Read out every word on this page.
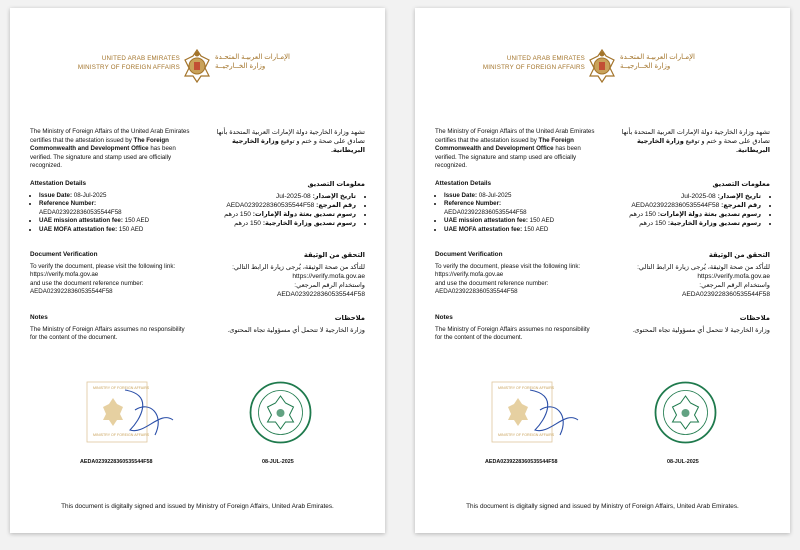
UNITED ARAB EMIRATES
MINISTRY OF FOREIGN AFFAIRS
الإمـارات العربيـة المتحـدة
وزارة الخــارجيــة
The Ministry of Foreign Affairs of the United Arab Emirates certifies that the attestation issued by The Foreign Commonwealth and Development Office has been verified. The signature and stamp used are officially recognized.
تشهد وزارة الخارجية دولة الإمارات العربية المتحدة بأنها تصادق على صحة و ختم و توقيع وزارة الخارجية البريطانية.
Attestation Details
• Issue Date: 08-Jul-2025
• Reference Number:
AEDA0239228360535544F58
• UAE mission attestation fee: 150 AED
• UAE MOFA attestation fee: 150 AED
معلومات التصديق
• تاريخ الإصدار: 08-Jul-2025
• رقم المرجع: AEDA0239228360535544F58
• رسوم تصديق بعثة دولة الإمارات: 150 درهم
• رسوم تصديق وزارة الخارجية: 150 درهم
Document Verification
To verify the document, please visit the following link: https://verify.mofa.gov.ae
and use the document reference number:
AEDA0239228360535544F58
التحقق من الوثيقة
للتأكد من صحة الوثيقة، يُرجى زيارة الرابط التالي:
https://verify.mofa.gov.ae
واستخدام الرقم المرجعي: AEDA0239228360535544F58
Notes
The Ministry of Foreign Affairs assumes no responsibility for the content of the document.
ملاحظات
وزارة الخارجية لا تتحمل أي مسؤولية تجاه المحتوى.
MINISTRY OF FOREIGN AFFAIRS
MINISTRY OF FOREIGN AFFAIRS
AEDA0239228360535544F58	08-JUL-2025
This document is digitally signed and issued by Ministry of Foreign Affairs, United Arab Emirates.
UNITED ARAB EMIRATES
MINISTRY OF FOREIGN AFFAIRS
الإمـارات العربيـة المتحـدة
وزارة الخــارجيــة
The Ministry of Foreign Affairs of the United Arab Emirates certifies that the attestation issued by The Foreign Commonwealth and Development Office has been verified. The signature and stamp used are officially recognized.
تشهد وزارة الخارجية دولة الإمارات العربية المتحدة بأنها تصادق على صحة و ختم و توقيع وزارة الخارجية البريطانية.
Attestation Details
• Issue Date: 08-Jul-2025
• Reference Number:
AEDA0239228360535544F58
• UAE mission attestation fee: 150 AED
• UAE MOFA attestation fee: 150 AED
معلومات التصديق
• تاريخ الإصدار: 08-Jul-2025
• رقم المرجع: AEDA0239228360535544F58
• رسوم تصديق بعثة دولة الإمارات: 150 درهم
• رسوم تصديق وزارة الخارجية: 150 درهم
Document Verification
To verify the document, please visit the following link: https://verify.mofa.gov.ae
and use the document reference number:
AEDA0239228360535544F58
التحقق من الوثيقة
للتأكد من صحة الوثيقة، يُرجى زيارة الرابط التالي:
https://verify.mofa.gov.ae
واستخدام الرقم المرجعي: AEDA0239228360535544F58
Notes
The Ministry of Foreign Affairs assumes no responsibility for the content of the document.
ملاحظات
وزارة الخارجية لا تتحمل أي مسؤولية تجاه المحتوى.
MINISTRY OF FOREIGN AFFAIRS
MINISTRY OF FOREIGN AFFAIRS
AEDA0239228360535544F58	08-JUL-2025
This document is digitally signed and issued by Ministry of Foreign Affairs, United Arab Emirates.
